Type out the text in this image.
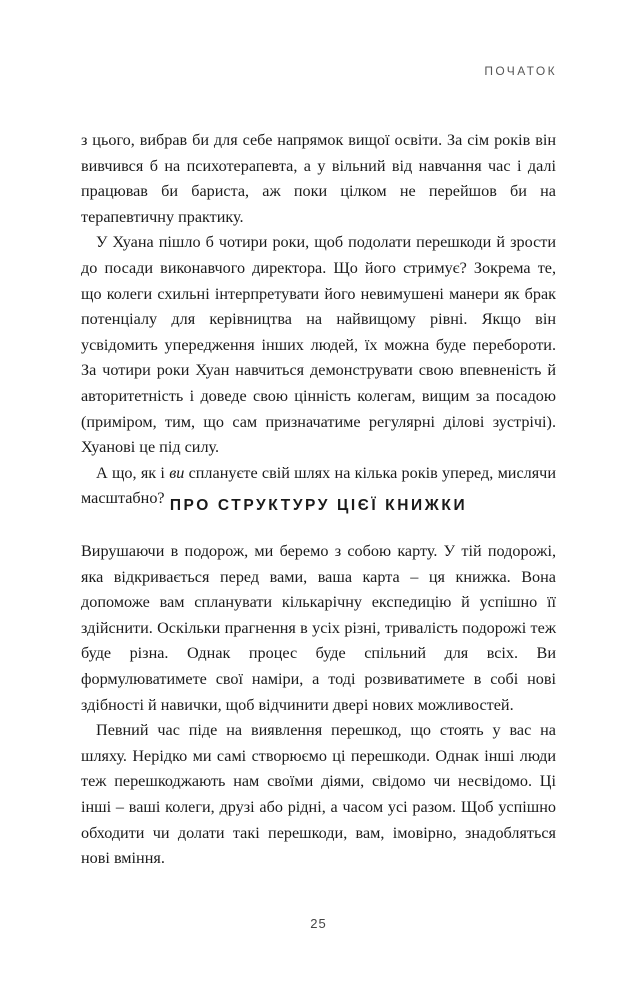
ПОЧАТОК

з цього, вибрав би для себе напрямок вищої освіти. За сім років він вивчився б на психотерапевта, а у вільний від навчання час і далі працював би бариста, аж поки цілком не перейшов би на терапевтичну практику.

У Хуана пішло б чотири роки, щоб подолати перешкоди й зрости до посади виконавчого директора. Що його стримує? Зокрема те, що колеги схильні інтерпретувати його невимушені манери як брак потенціалу для керівництва на найвищому рівні. Якщо він усвідомить упередження інших людей, їх можна буде перебороти. За чотири роки Хуан навчиться демонструвати свою впевненість й авторитетність і доведе свою цінність колегам, вищим за посадою (приміром, тим, що сам призначатиме регулярні ділові зустрічі). Хуанові це під силу.

А що, як і ви сплануєте свій шлях на кілька років уперед, мислячи масштабно? ПРО СТРУКТУРУ ЦІЄЇ КНИЖКИ

Вирушаючи в подорож, ми беремо з собою карту. У тій подорожі, яка відкривається перед вами, ваша карта – ця книжка. Вона допоможе вам спланувати кількарічну експедицію й успішно її здійснити. Оскільки прагнення в усіх різні, тривалість подорожі теж буде різна. Однак процес буде спільний для всіх. Ви формулюватимете свої наміри, а тоді розвиватимете в собі нові здібності й навички, щоб відчинити двері нових можливостей.

Певний час піде на виявлення перешкод, що стоять у вас на шляху. Нерідко ми самі створюємо ці перешкоди. Однак інші люди теж перешкоджають нам своїми діями, свідомо чи несвідомо. Ці інші – ваші колеги, друзі або рідні, а часом усі разом. Щоб успішно обходити чи долати такі перешкоди, вам, імовірно, знадобляться нові вміння.

25
